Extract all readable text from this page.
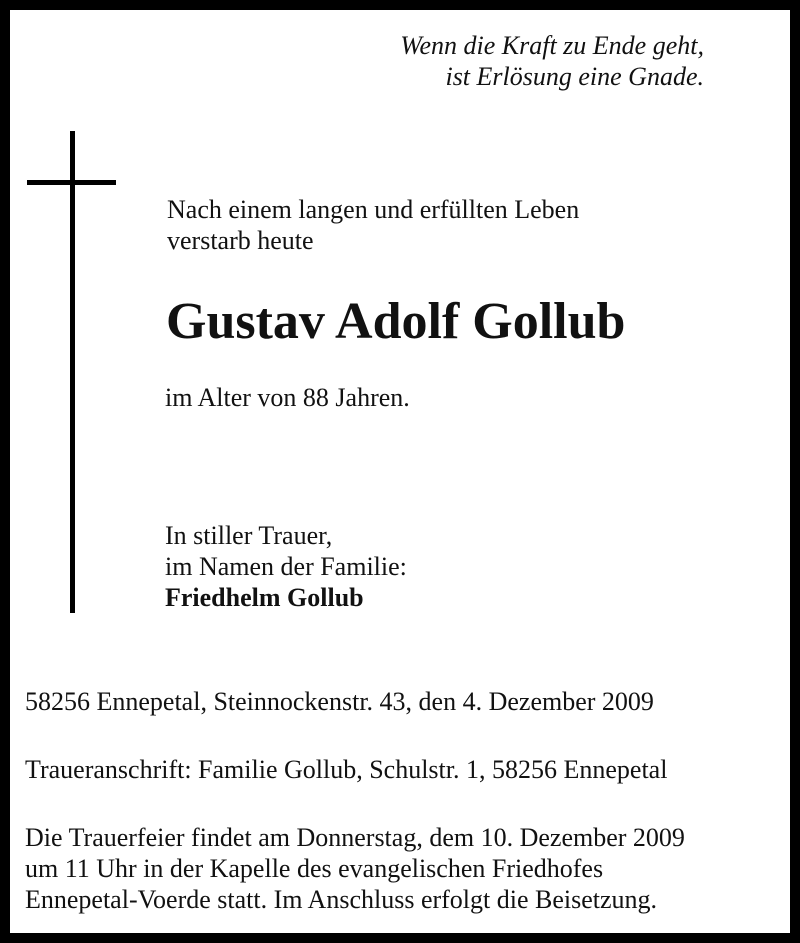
Wenn die Kraft zu Ende geht,
ist Erlösung eine Gnade.
Nach einem langen und erfüllten Leben
verstarb heute
Gustav Adolf Gollub
im Alter von 88 Jahren.
In stiller Trauer,
im Namen der Familie:
Friedhelm Gollub
58256 Ennepetal, Steinnockenstr. 43, den 4. Dezember 2009
Traueranschrift: Familie Gollub, Schulstr. 1, 58256 Ennepetal
Die Trauerfeier findet am Donnerstag, dem 10. Dezember 2009
um 11 Uhr in der Kapelle des evangelischen Friedhofes
Ennepetal-Voerde statt. Im Anschluss erfolgt die Beisetzung.
